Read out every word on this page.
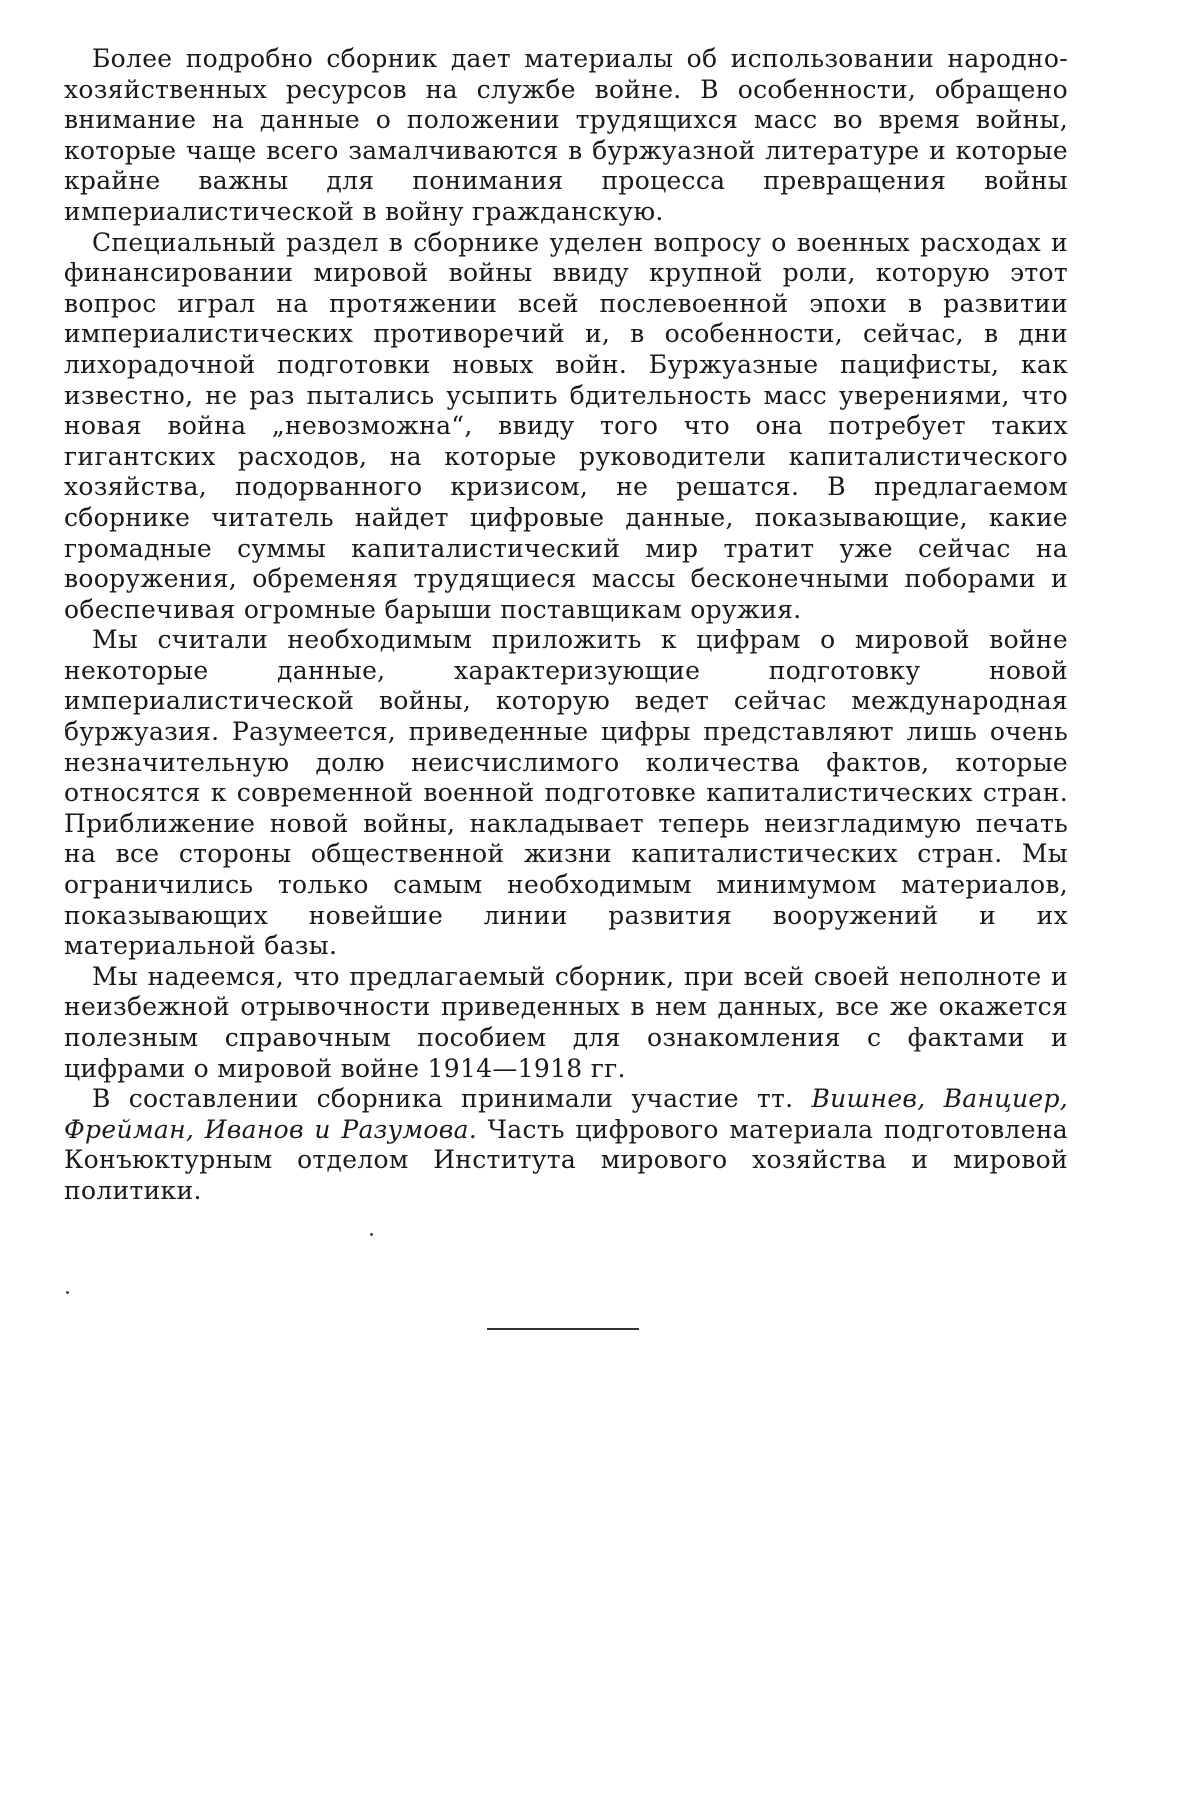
Более подробно сборник дает материалы об использовании народно-хозяйственных ресурсов на службе войне. В особенности, обращено внимание на данные о положении трудящихся масс во время войны, которые чаще всего замалчиваются в буржуазной литературе и которые крайне важны для понимания процесса превращения войны империалистической в войну гражданскую.

Специальный раздел в сборнике уделен вопросу о военных расходах и финансировании мировой войны ввиду крупной роли, которую этот вопрос играл на протяжении всей послевоенной эпохи в развитии империалистических противоречий и, в особенности, сейчас, в дни лихорадочной подготовки новых войн. Буржуазные пацифисты, как известно, не раз пытались усыпить бдительность масс уверениями, что новая война „невозможна“, ввиду того что она потребует таких гигантских расходов, на которые руководители капиталистического хозяйства, подорванного кризисом, не решатся. В предлагаемом сборнике читатель найдет цифровые данные, показывающие, какие громадные суммы капиталистический мир тратит уже сейчас на вооружения, обременяя трудящиеся массы бесконечными поборами и обеспечивая огромные барыши поставщикам оружия.

Мы считали необходимым приложить к цифрам о мировой войне некоторые данные, характеризующие подготовку новой империалистической войны, которую ведет сейчас международная буржуазия. Разумеется, приведенные цифры представляют лишь очень незначительную долю неисчислимого количества фактов, которые относятся к современной военной подготовке капиталистических стран. Приближение новой войны, накладывает теперь неизгладимую печать на все стороны общественной жизни капиталистических стран. Мы ограничились только самым необходимым минимумом материалов, показывающих новейшие линии развития вооружений и их материальной базы.

Мы надеемся, что предлагаемый сборник, при всей своей неполноте и неизбежной отрывочности приведенных в нем данных, все же окажется полезным справочным пособием для ознакомления с фактами и цифрами о мировой войне 1914—1918 гг.

В составлении сборника принимали участие тт. Вишнев, Ванциер, Фрейман, Иванов и Разумова. Часть цифрового материала подготовлена Конъюктурным отделом Института мирового хозяйства и мировой политики.
